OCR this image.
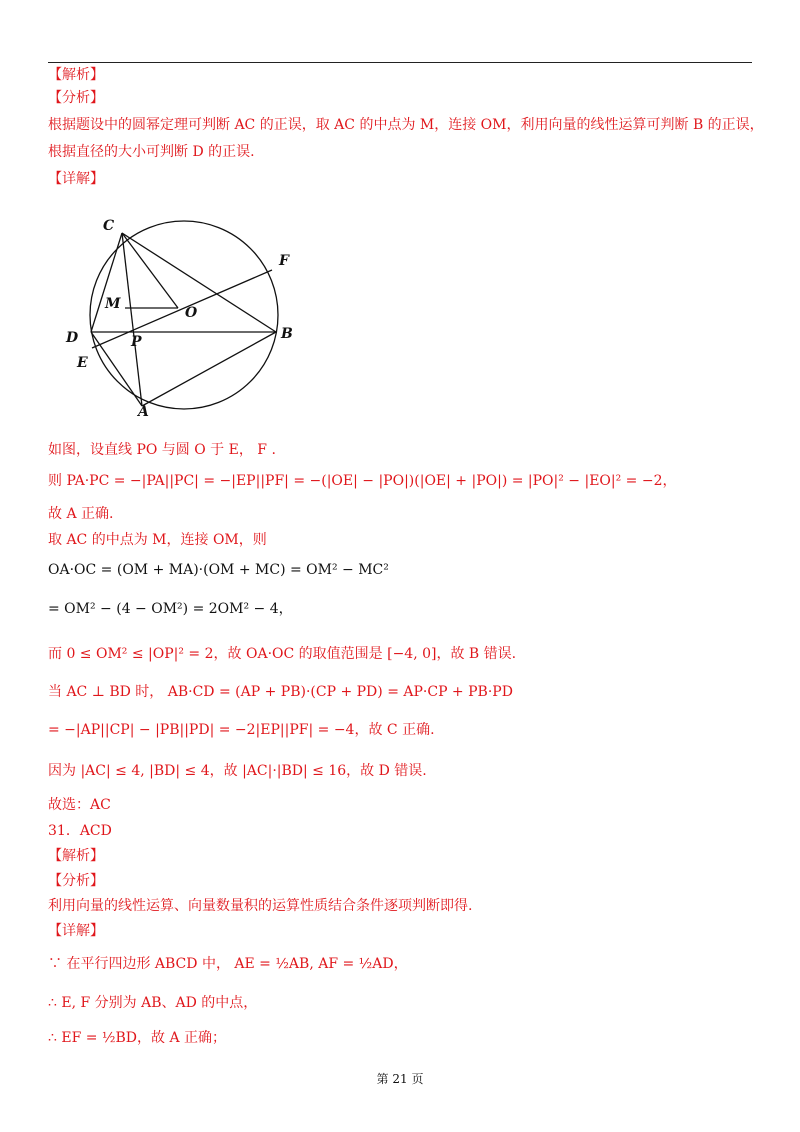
【解析】
【分析】
根据题设中的圆幂定理可判断 AC 的正误，取 AC 的中点为 M，连接 OM，利用向量的线性运算可判断 B 的正误，
根据直径的大小可判断 D 的正误.
【详解】
C
F
M
O
D	B
P
E
A
如图，设直线 PO 与圆 O 于 E， F .
则 PA·PC = −|PA||PC| = −|EP||PF| = −(|OE| − |PO|)(|OE| + |PO|) = |PO|² − |EO|² = −2，
故 A 正确.
取 AC 的中点为 M，连接 OM，则
OA·OC = (OM + MA)·(OM + MC) = OM² − MC²
= OM² − (4 − OM²) = 2OM² − 4，
而 0 ≤ OM² ≤ |OP|² = 2，故 OA·OC 的取值范围是 [−4, 0]，故 B 错误.
当 AC ⊥ BD 时， AB·CD = (AP + PB)·(CP + PD) = AP·CP + PB·PD
= −|AP||CP| − |PB||PD| = −2|EP||PF| = −4，故 C 正确.
因为 |AC| ≤ 4, |BD| ≤ 4，故 |AC|·|BD| ≤ 16，故 D 错误.
故选：AC
31．ACD
【解析】
【分析】
利用向量的线性运算、向量数量积的运算性质结合条件逐项判断即得.
【详解】
∵ 在平行四边形 ABCD 中， AE = ½AB, AF = ½AD，
∴ E, F 分别为 AB、AD 的中点，
∴ EF = ½BD，故 A 正确；
第 21 页
